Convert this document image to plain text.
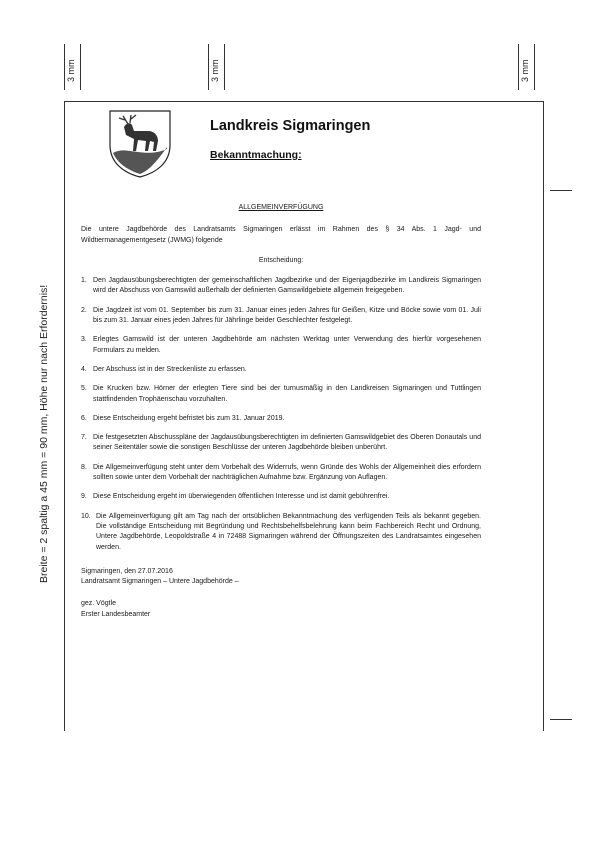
3 mm	3 mm	3 mm
Breite = 2 spaltig a 45 mm = 90 mm, Höhe nur nach Erfordernis!
Landkreis Sigmaringen
Bekanntmachung:

ALLGEMEINVERFÜGUNG

Die untere Jagdbehörde des Landratsamts Sigmaringen erlässt im Rahmen des § 34 Abs. 1 Jagd- und Wildtiermanagementgesetz (JWMG) folgende

Entscheidung:

1. Den Jagdausübungsberechtigten der gemeinschaftlichen Jagdbezirke und der Eigenjagdbezirke im Landkreis Sigmaringen wird der Abschuss von Gamswild außerhalb der definierten Gamswildgebiete allgemein freigegeben.
2. Die Jagdzeit ist vom 01. September bis zum 31. Januar eines jeden Jahres für Geißen, Kitze und Böcke sowie vom 01. Juli bis zum 31. Januar eines jeden Jahres für Jährlinge beider Geschlechter festgelegt.
3. Erlegtes Gamswild ist der unteren Jagdbehörde am nächsten Werktag unter Verwendung des hierfür vorgesehenen Formulars zu melden.
4. Der Abschuss ist in der Streckenliste zu erfassen.
5. Die Krucken bzw. Hörner der erlegten Tiere sind bei der turnusmäßig in den Landkreisen Sigmaringen und Tuttlingen stattfindenden Trophäenschau vorzuhalten.
6. Diese Entscheidung ergeht befristet bis zum 31. Januar 2019.
7. Die festgesetzten Abschusspläne der Jagdausübungsberechtigten im definierten Gamswildgebiet des Oberen Donautals und seiner Seitentäler sowie die sonstigen Beschlüsse der unteren Jagdbehörde bleiben unberührt.
8. Die Allgemeinverfügung steht unter dem Vorbehalt des Widerrufs, wenn Gründe des Wohls der Allgemeinheit dies erfordern sollten sowie unter dem Vorbehalt der nachträglichen Aufnahme bzw. Ergänzung von Auflagen.
9. Diese Entscheidung ergeht im überwiegenden öffentlichen Interesse und ist damit gebührenfrei.
10. Die Allgemeinverfügung gilt am Tag nach der ortsüblichen Bekanntmachung des verfügenden Teils als bekannt gegeben. Die vollständige Entscheidung mit Begründung und Rechtsbehelfsbelehrung kann beim Fachbereich Recht und Ordnung, Untere Jagdbehörde, Leopoldstraße 4 in 72488 Sigmaringen während der Öffnungszeiten des Landratsamtes eingesehen werden.

Sigmaringen, den 27.07.2016

Landratsamt Sigmaringen – Untere Jagdbehörde –

gez. Vögtle

Erster Landesbeamter
